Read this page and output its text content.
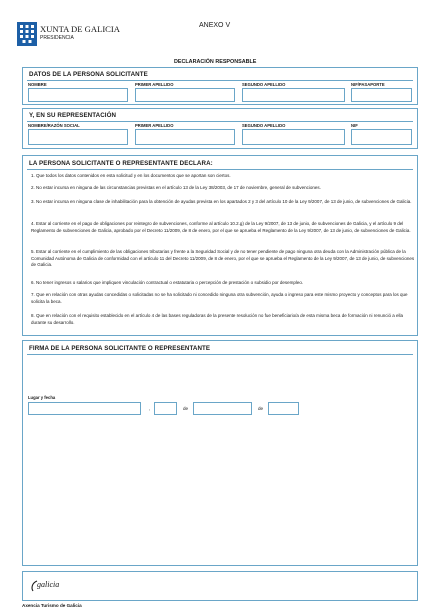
XUNTA DE GALICIA
PRESIDENCIA
ANEXO V
DECLARACIÓN RESPONSABLE
DATOS DE LA PERSONA SOLICITANTE
NOMBRE	PRIMER APELLIDO	SEGUNDO APELLIDO	NIF/PASAPORTE
Y, EN SU REPRESENTACIÓN
NOMBRE/RAZÓN SOCIAL	PRIMER APELLIDO	SEGUNDO APELLIDO	NIF
LA PERSONA SOLICITANTE O REPRESENTANTE DECLARA:
1. Que todos los datos contenidos en esta solicitud y en los documentos que se aportan son ciertos.
2. No estar incursa en ninguna de las circunstancias previstas en el artículo 13 de la Ley 38/2003, de 17 de noviembre, general de subvenciones.
3. No estar incursa en ninguna clase de inhabilitación para la obtención de ayudas prevista en los apartados 2 y 3 del artículo 10 de la Ley 9/2007, de 13 de junio, de subvenciones de Galicia.
4. Estar al corriente en el pago de obligaciones por reintegro de subvenciones, conforme al artículo 10.2.g) de la Ley 9/2007, de 13 de junio, de subvenciones de Galicia, y el artículo 9 del Reglamento de subvenciones de Galicia, aprobado por el Decreto 11/2009, de 8 de enero, por el que se aprueba el Reglamento de la Ley 9/2007, de 13 de junio, de subvenciones de Galicia.
5. Estar al corriente en el cumplimiento de las obligaciones tributarias y frente a la Seguridad Social y de no tener pendiente de pago ninguna otra deuda con la Administración pública de la Comunidad Autónoma de Galicia de conformidad con el artículo 11 del Decreto 11/2009, de 8 de enero, por el que se aprueba el Reglamento de la Ley 9/2007, de 13 de junio, de subvenciones de Galicia.
6. No tener ingresos o salarios que impliquen vinculación contractual o estatutaria o percepción de prestación o subsidio por desempleo.
7. Que en relación con otras ayudas concedidas o solicitadas no se ha solicitado ni concedido ninguna otra subvención, ayuda o ingreso para este mismo proyecto y conceptos para los que solicita la beca.
8. Que en relación con el requisito establecido en el artículo 4 de las bases reguladoras de la presente resolución no fue beneficiario/a de esta misma beca de formación ni renunció a ella durante su desarrollo.
FIRMA DE LA PERSONA SOLICITANTE O REPRESENTANTE
Lugar y fecha
,	de	de
galicia
Axencia Turismo de Galicia
